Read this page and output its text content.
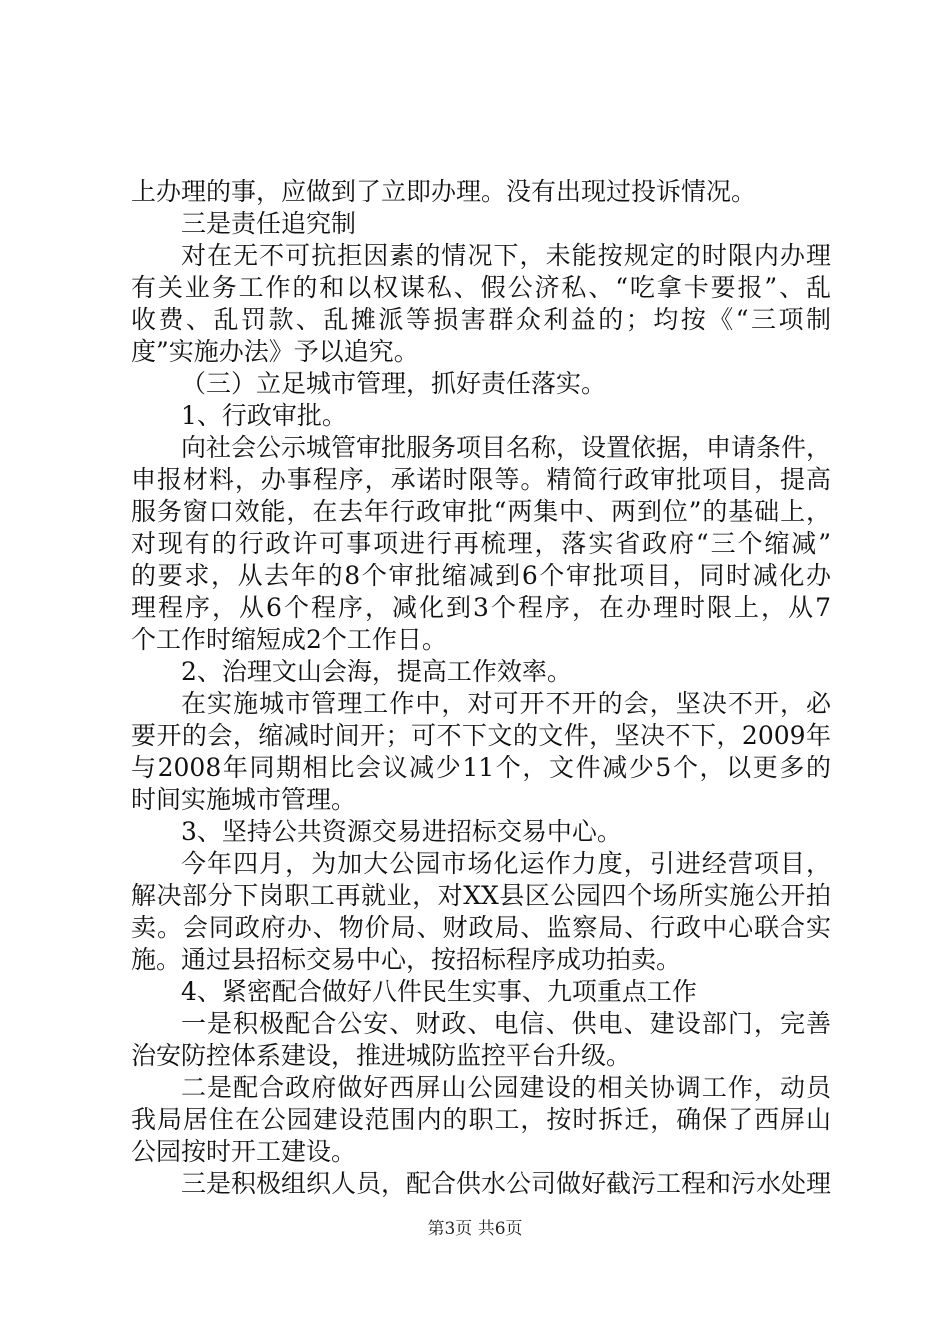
上办理的事，应做到了立即办理。没有出现过投诉情况。
三是责任追究制
对在无不可抗拒因素的情况下，未能按规定的时限内办理
有关业务工作的和以权谋私、假公济私、“吃拿卡要报”、乱
收费、乱罚款、乱摊派等损害群众利益的；均按《“三项制
度”实施办法》予以追究。
（三）立足城市管理，抓好责任落实。
1、行政审批。
向社会公示城管审批服务项目名称，设置依据，申请条件，
申报材料，办事程序，承诺时限等。精简行政审批项目，提高
服务窗口效能，在去年行政审批“两集中、两到位”的基础上，
对现有的行政许可事项进行再梳理，落实省政府“三个缩减”
的要求，从去年的8个审批缩减到6个审批项目，同时减化办
理程序，从6个程序，减化到3个程序，在办理时限上，从7
个工作时缩短成2个工作日。
2、治理文山会海，提高工作效率。
在实施城市管理工作中，对可开不开的会，坚决不开，必
要开的会，缩减时间开；可不下文的文件，坚决不下，2009年
与2008年同期相比会议减少11个，文件减少5个，以更多的
时间实施城市管理。
3、坚持公共资源交易进招标交易中心。
今年四月，为加大公园市场化运作力度，引进经营项目，
解决部分下岗职工再就业，对XX县区公园四个场所实施公开拍
卖。会同政府办、物价局、财政局、监察局、行政中心联合实
施。通过县招标交易中心，按招标程序成功拍卖。
4、紧密配合做好八件民生实事、九项重点工作
一是积极配合公安、财政、电信、供电、建设部门，完善
治安防控体系建设，推进城防监控平台升级。
二是配合政府做好西屏山公园建设的相关协调工作，动员
我局居住在公园建设范围内的职工，按时拆迁，确保了西屏山
公园按时开工建设。
三是积极组织人员，配合供水公司做好截污工程和污水处理
第3页 共6页
